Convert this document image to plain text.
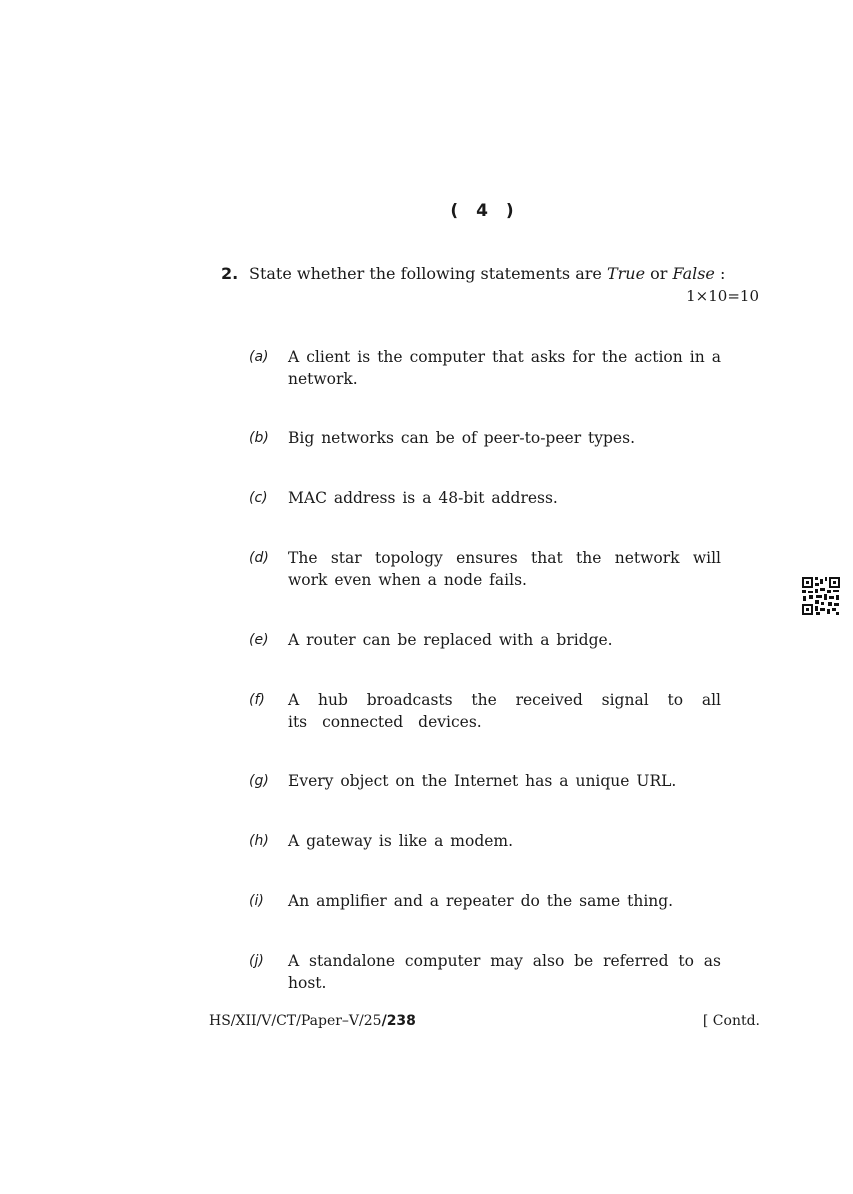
( 4 )
2. State whether the following statements are True or False :
1×10=10
(a) A client is the computer that asks for the action in a network.
(b) Big networks can be of peer-to-peer types.
(c) MAC address is a 48-bit address.
(d) The star topology ensures that the network will work even when a node fails.
(e) A router can be replaced with a bridge.
(f) A hub broadcasts the received signal to all its connected devices.
(g) Every object on the Internet has a unique URL.
(h) A gateway is like a modem.
(i) An amplifier and a repeater do the same thing.
(j) A standalone computer may also be referred to as host.
HS/XII/V/CT/Paper–V/25/238	[ Contd.
